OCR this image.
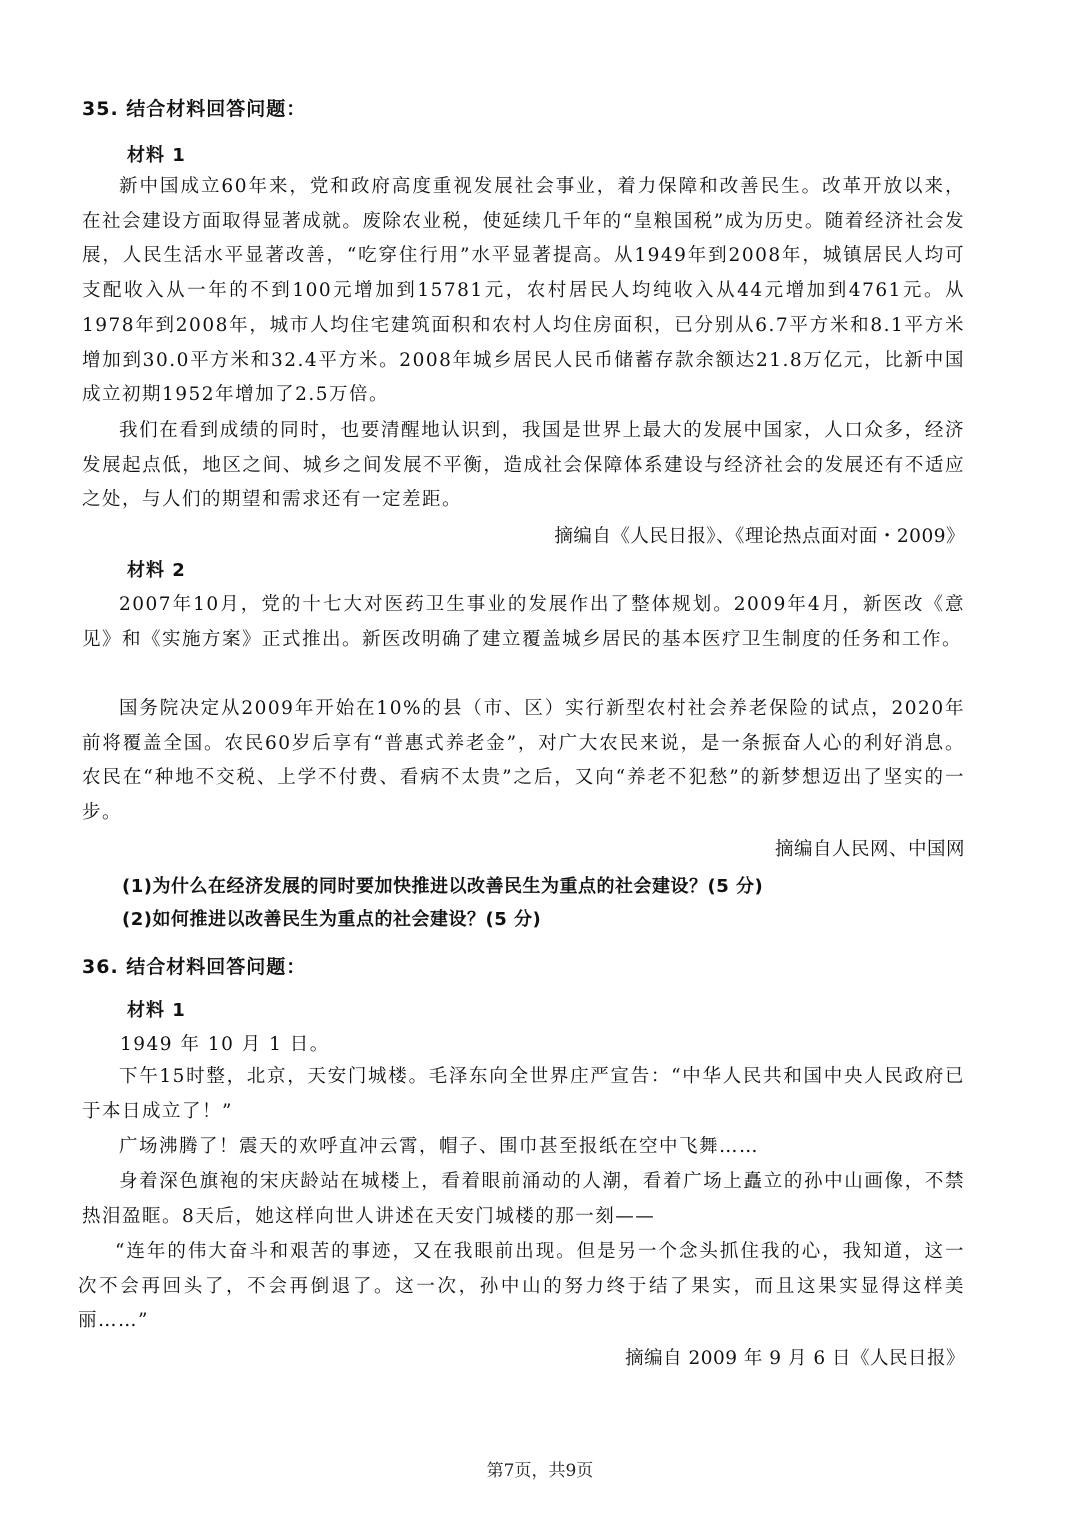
35. 结合材料回答问题：
材料 1

新中国成立60年来，党和政府高度重视发展社会事业，着力保障和改善民生。改革开放以来，在社会建设方面取得显著成就。废除农业税，使延续几千年的“皇粮国税”成为历史。随着经济社会发展，人民生活水平显著改善，“吃穿住行用”水平显著提高。从1949年到2008年，城镇居民人均可支配收入从一年的不到100元增加到15781元，农村居民人均纯收入从44元增加到4761元。从1978年到2008年，城市人均住宅建筑面积和农村人均住房面积，已分别从6.7平方米和8.1平方米增加到30.0平方米和32.4平方米。2008年城乡居民人民币储蓄存款余额达21.8万亿元，比新中国成立初期1952年增加了2.5万倍。

我们在看到成绩的同时，也要清醒地认识到，我国是世界上最大的发展中国家，人口众多，经济发展起点低，地区之间、城乡之间发展不平衡，造成社会保障体系建设与经济社会的发展还有不适应之处，与人们的期望和需求还有一定差距。

摘编自《人民日报》、《理论热点面对面・2009》
材料 2

2007年10月，党的十七大对医药卫生事业的发展作出了整体规划。2009年4月，新医改《意见》和《实施方案》正式推出。新医改明确了建立覆盖城乡居民的基本医疗卫生制度的任务和工作。

国务院决定从2009年开始在10%的县（市、区）实行新型农村社会养老保险的试点，2020年前将覆盖全国。农民60岁后享有“普惠式养老金”，对广大农民来说，是一条振奋人心的利好消息。农民在“种地不交税、上学不付费、看病不太贵”之后，又向“养老不犯愁”的新梦想迈出了坚实的一步。

摘编自人民网、中国网
(1)为什么在经济发展的同时要加快推进以改善民生为重点的社会建设？(5 分)
(2)如何推进以改善民生为重点的社会建设？(5 分)
36. 结合材料回答问题：
材料 1
1949 年 10 月 1 日。

下午15时整，北京，天安门城楼。毛泽东向全世界庄严宣告：“中华人民共和国中央人民政府已于本日成立了！”

广场沸腾了！震天的欢呼直冲云霄，帽子、围巾甚至报纸在空中飞舞……

身着深色旗袍的宋庆龄站在城楼上，看着眼前涌动的人潮，看着广场上矗立的孙中山画像，不禁热泪盈眶。8天后，她这样向世人讲述在天安门城楼的那一刻——

“连年的伟大奋斗和艰苦的事迹，又在我眼前出现。但是另一个念头抓住我的心，我知道，这一次不会再回头了，不会再倒退了。这一次，孙中山的努力终于结了果实，而且这果实显得这样美丽……”

摘编自 2009 年 9 月 6 日《人民日报》
第7页，共9页
